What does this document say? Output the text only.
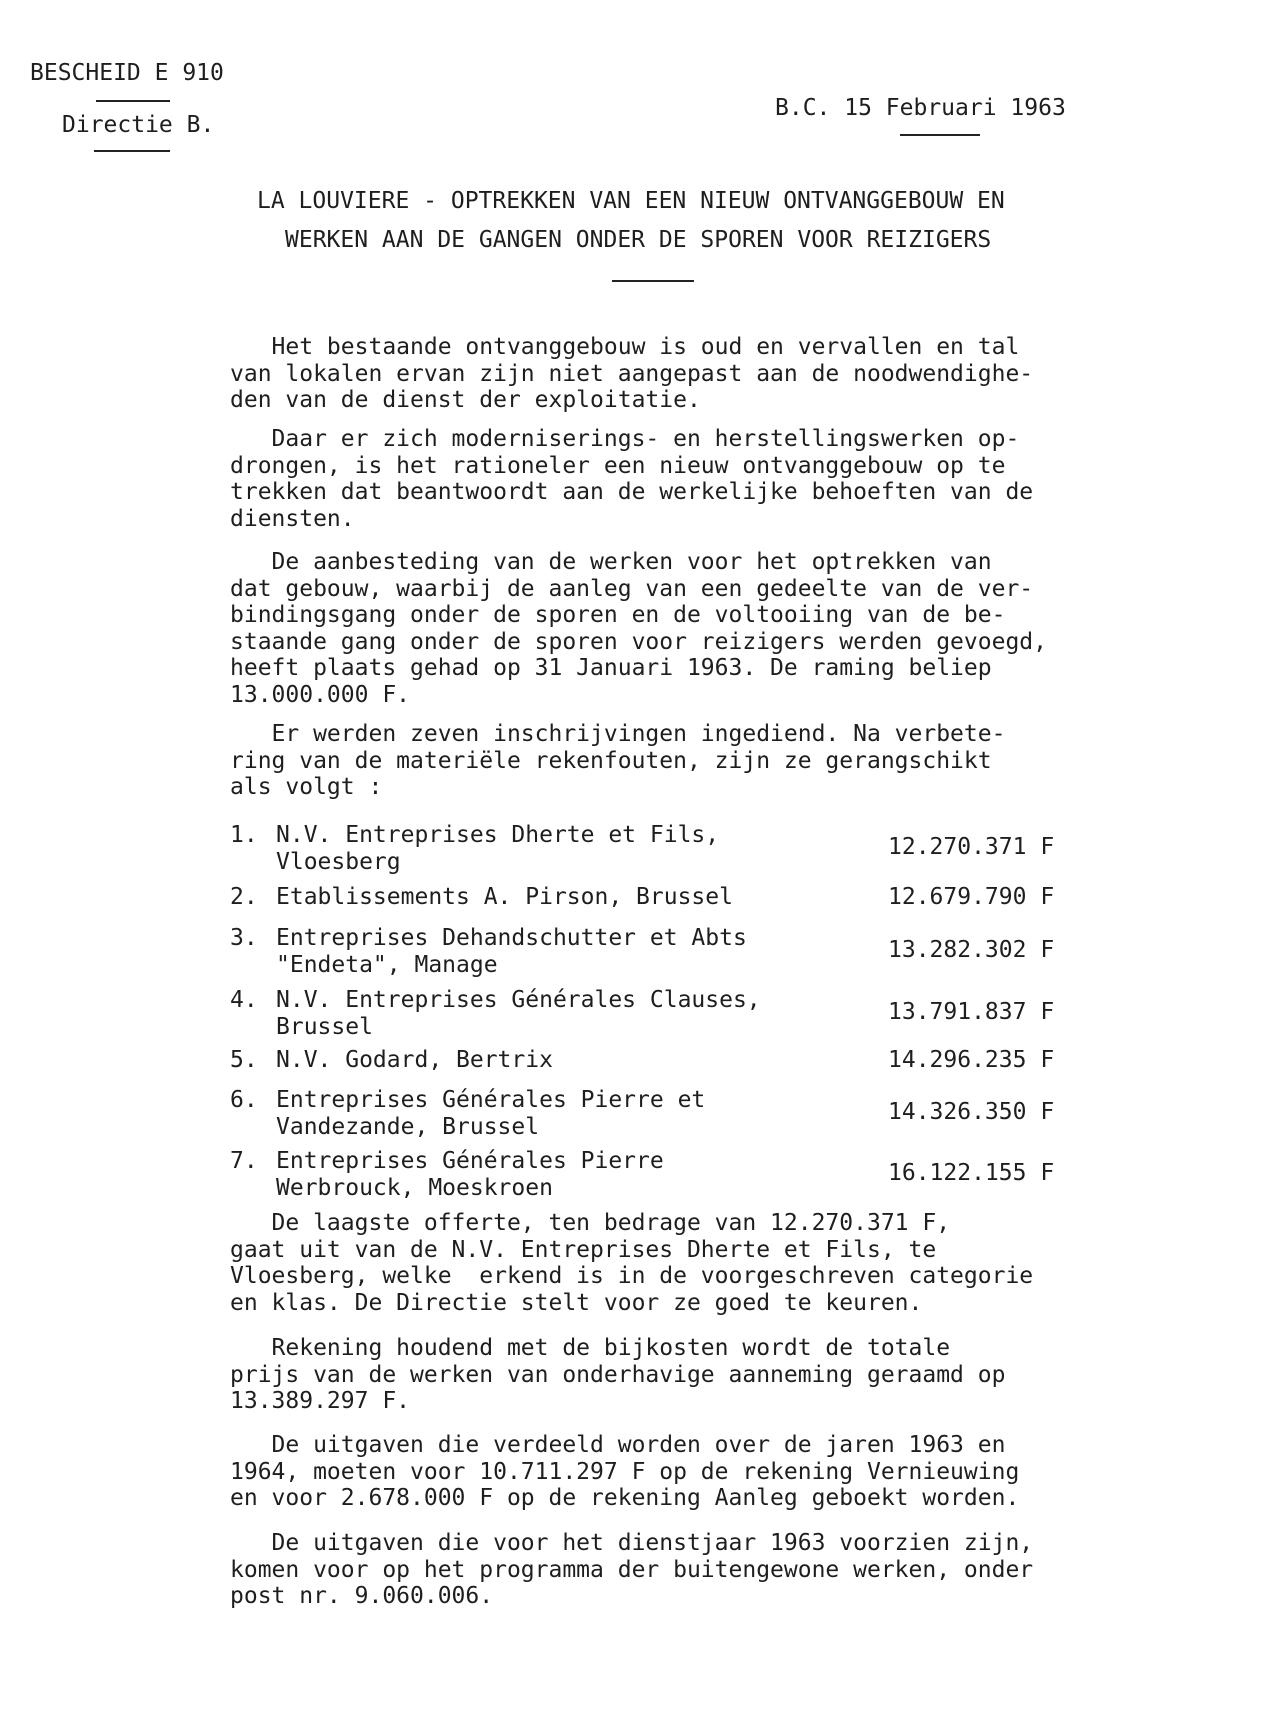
BESCHEID E 910
Directie B.
B.C. 15 Februari 1963
LA LOUVIERE - OPTREKKEN VAN EEN NIEUW ONTVANGGEBOUW EN
WERKEN AAN DE GANGEN ONDER DE SPOREN VOOR REIZIGERS
Het bestaande ontvanggebouw is oud en vervallen en tal
van lokalen ervan zijn niet aangepast aan de noodwendighe-
den van de dienst der exploitatie.
Daar er zich moderniserings- en herstellingswerken op-
drongen, is het rationeler een nieuw ontvanggebouw op te
trekken dat beantwoordt aan de werkelijke behoeften van de
diensten.
De aanbesteding van de werken voor het optrekken van
dat gebouw, waarbij de aanleg van een gedeelte van de ver-
bindingsgang onder de sporen en de voltooiing van de be-
staande gang onder de sporen voor reizigers werden gevoegd,
heeft plaats gehad op 31 Januari 1963. De raming beliep
13.000.000 F.
Er werden zeven inschrijvingen ingediend. Na verbete-
ring van de materiële rekenfouten, zijn ze gerangschikt
als volgt :
1. N.V. Entreprises Dherte et Fils,
Vloesberg
12.270.371 F
2. Etablissements A. Pirson, Brussel	12.679.790 F
3. Entreprises Dehandschutter et Abts
"Endeta", Manage
13.282.302 F
4. N.V. Entreprises Générales Clauses,
Brussel
13.791.837 F
5. N.V. Godard, Bertrix	14.296.235 F
6. Entreprises Générales Pierre et
Vandezande, Brussel
14.326.350 F
7. Entreprises Générales Pierre
Werbrouck, Moeskroen
16.122.155 F
De laagste offerte, ten bedrage van 12.270.371 F,
gaat uit van de N.V. Entreprises Dherte et Fils, te
Vloesberg, welke  erkend is in de voorgeschreven categorie
en klas. De Directie stelt voor ze goed te keuren.
Rekening houdend met de bijkosten wordt de totale
prijs van de werken van onderhavige aanneming geraamd op
13.389.297 F.
De uitgaven die verdeeld worden over de jaren 1963 en
1964, moeten voor 10.711.297 F op de rekening Vernieuwing
en voor 2.678.000 F op de rekening Aanleg geboekt worden.
De uitgaven die voor het dienstjaar 1963 voorzien zijn,
komen voor op het programma der buitengewone werken, onder
post nr. 9.060.006.
